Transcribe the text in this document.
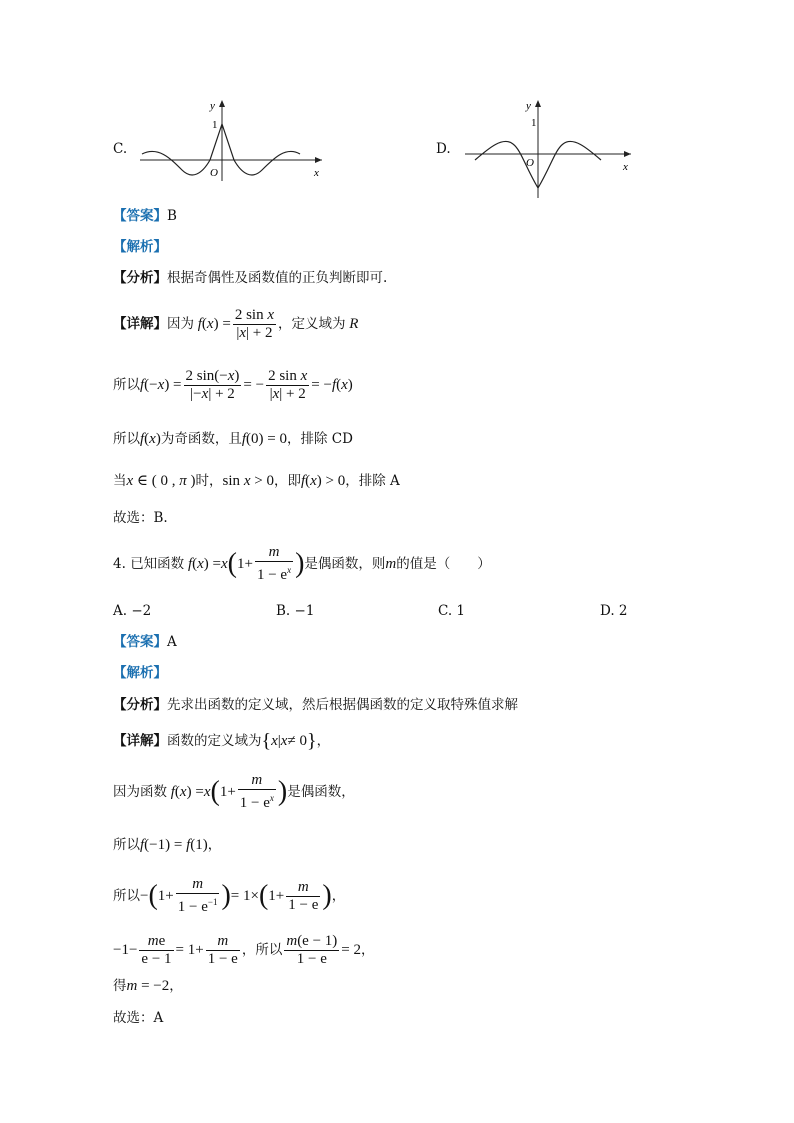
C.
y
1
O	x
D.
y
1
O	x
【答案】B
【解析】
【分析】根据奇偶性及函数值的正负判断即可.
【详解】 因为 f ( x ) = $\frac{\text{2 sin x}}{|x| + 2}$ ，定义域为
R
所以 f (− x ) = $\frac{2 \sin(-x)}{|-x| + 2}$ = − $\frac{\text{2 sin x}}{|x| + 2}$ = − f ( x )
所以f(x)为奇函数，且f(0) = 0，排除 CD
当x ∈ ( 0 , π )时，sin x > 0，即f(x) > 0，排除 A
故选：B.
4.
已知函数 f ( x ) = x ( $1+ \frac{m}{1 - e^x}$ ) 是偶函数，则 m 的值是（　　）
A. −2	B. −1	C. 1	D. 2
【答案】A
【解析】
【分析】先求出函数的定义域，然后根据偶函数的定义取特殊值求解
【详解】 函数的定义域为 { x | x ≠ 0 } ，
因为函数 f ( x ) = x ( $1+ \frac{m}{1 - e^x}$ ) 是偶函数，
所以f(−1) = f(1)，
所以 − ( $1+ \frac{m}{1 - e^{-1}}$ ) = 1× ( $1+ \frac{m}{1 - e}$ ) ，
$-1- \frac{me}{e - 1} = 1+ \frac{m}{1 - e}$ ，所以 $\frac{m(e - 1)}{1 - e} = 2$ ，
得m = −2，
故选：A
